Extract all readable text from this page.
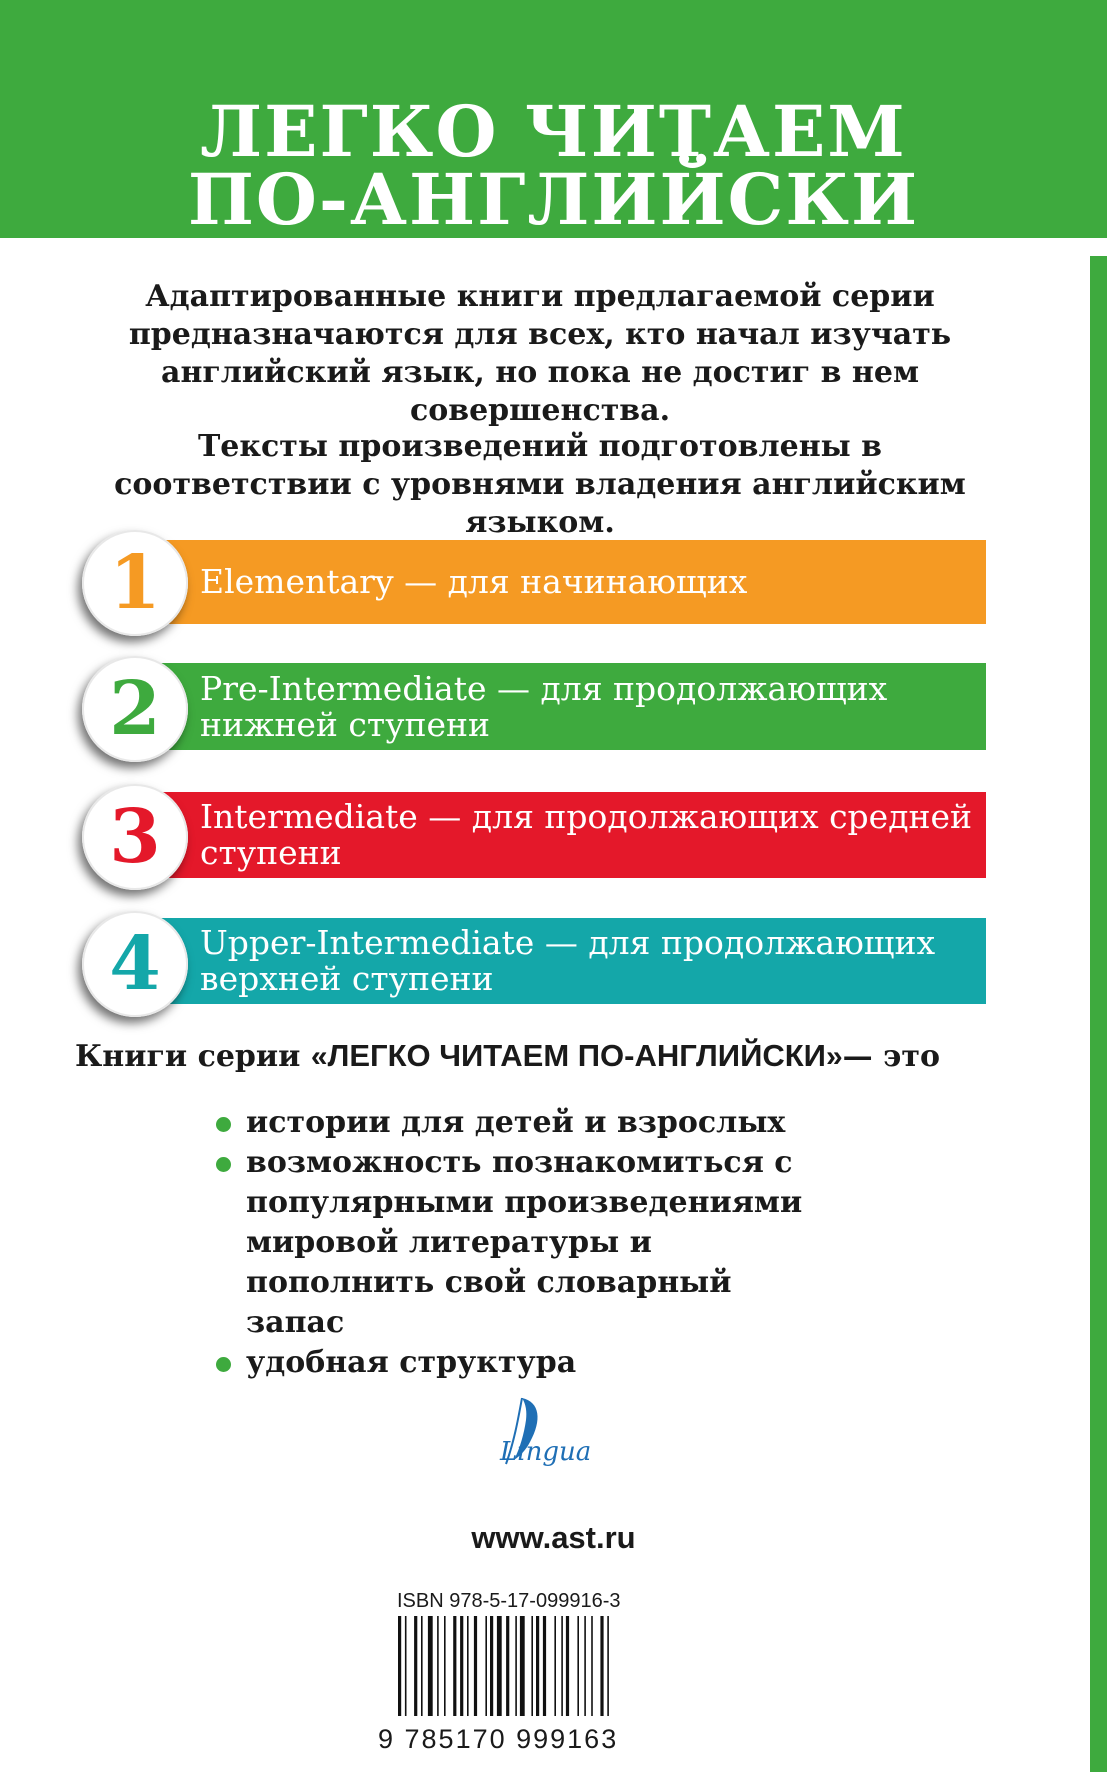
ЛЕГКО ЧИТАЕМ
ПО-АНГЛИЙСКИ
Адаптированные книги предлагаемой серии предназначаются для всех, кто начал изучать английский язык, но пока не достиг в нем совершенства.
Тексты произведений подготовлены в соответствии с уровнями владения английским языком.
Elementary — для начинающих
1
Pre-Intermediate — для продолжающих нижней ступени
2
Intermediate — для продолжающих средней ступени
3
Upper-Intermediate — для продолжающих верхней ступени
4
Книги серии «ЛЕГКО ЧИТАЕМ ПО-АНГЛИЙСКИ»— это
истории для детей и взрослых
возможность познакомиться с популярными произведениями мировой литературы и пополнить свой словарный запас
удобная структура
Lingua
www.ast.ru
ISBN 978-5-17-099916-3
9 785170 999163
